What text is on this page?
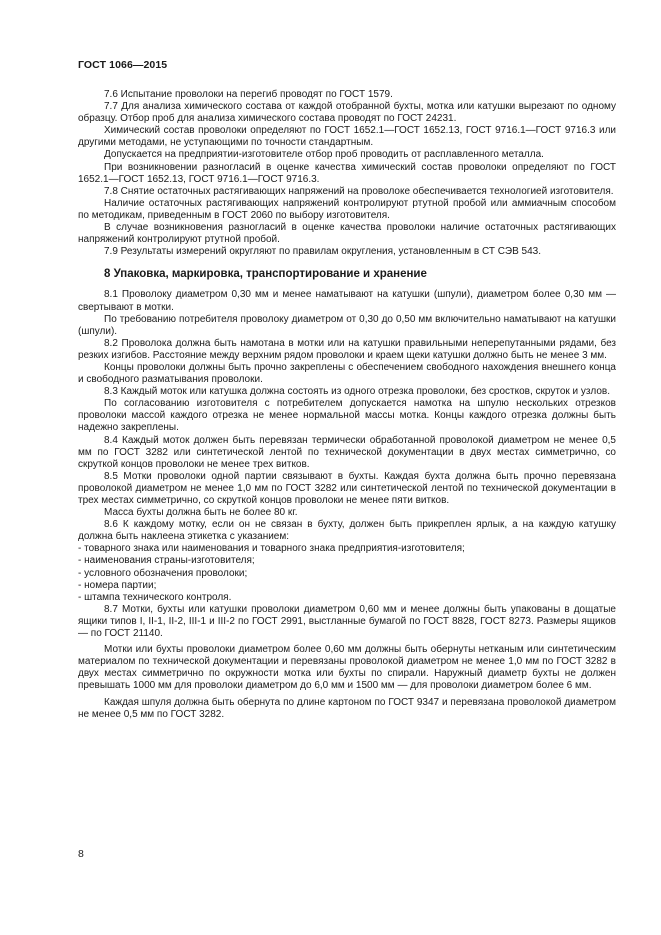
ГОСТ 1066—2015

7.6 Испытание проволоки на перегиб проводят по ГОСТ 1579.

7.7 Для анализа химического состава от каждой отобранной бухты, мотка или катушки вырезают по одному образцу. Отбор проб для анализа химического состава проводят по ГОСТ 24231.

Химический состав проволоки определяют по ГОСТ 1652.1—ГОСТ 1652.13, ГОСТ 9716.1—ГОСТ 9716.3 или другими методами, не уступающими по точности стандартным.

Допускается на предприятии-изготовителе отбор проб проводить от расплавленного металла.

При возникновении разногласий в оценке качества химический состав проволоки определяют по ГОСТ 1652.1—ГОСТ 1652.13, ГОСТ 9716.1—ГОСТ 9716.3.

7.8 Снятие остаточных растягивающих напряжений на проволоке обеспечивается технологией изготовителя.

Наличие остаточных растягивающих напряжений контролируют ртутной пробой или аммиачным способом по методикам, приведенным в ГОСТ 2060 по выбору изготовителя.

В случае возникновения разногласий в оценке качества проволоки наличие остаточных растягивающих напряжений контролируют ртутной пробой.

7.9 Результаты измерений округляют по правилам округления, установленным в СТ СЭВ 543.

8 Упаковка, маркировка, транспортирование и хранение

8.1 Проволоку диаметром 0,30 мм и менее наматывают на катушки (шпули), диаметром более 0,30 мм — свертывают в мотки.

По требованию потребителя проволоку диаметром от 0,30 до 0,50 мм включительно наматывают на катушки (шпули).

8.2 Проволока должна быть намотана в мотки или на катушки правильными неперепутанными рядами, без резких изгибов. Расстояние между верхним рядом проволоки и краем щеки катушки должно быть не менее 3 мм.

Концы проволоки должны быть прочно закреплены с обеспечением свободного нахождения внешнего конца и свободного разматывания проволоки.

8.3 Каждый моток или катушка должна состоять из одного отрезка проволоки, без сростков, скруток и узлов.

По согласованию изготовителя с потребителем допускается намотка на шпулю нескольких отрезков проволоки массой каждого отрезка не менее нормальной массы мотка. Концы каждого отрезка должны быть надежно закреплены.

8.4 Каждый моток должен быть перевязан термически обработанной проволокой диаметром не менее 0,5 мм по ГОСТ 3282 или синтетической лентой по технической документации в двух местах симметрично, со скруткой концов проволоки не менее трех витков.

8.5 Мотки проволоки одной партии связывают в бухты. Каждая бухта должна быть прочно перевязана проволокой диаметром не менее 1,0 мм по ГОСТ 3282 или синтетической лентой по технической документации в трех местах симметрично, со скруткой концов проволоки не менее пяти витков.

Масса бухты должна быть не более 80 кг.

8.6 К каждому мотку, если он не связан в бухту, должен быть прикреплен ярлык, а на каждую катушку должна быть наклеена этикетка с указанием:

- товарного знака или наименования и товарного знака предприятия-изготовителя;

- наименования страны-изготовителя;

- условного обозначения проволоки;

- номера партии;

- штампа технического контроля.

8.7 Мотки, бухты или катушки проволоки диаметром 0,60 мм и менее должны быть упакованы в дощатые ящики типов I, II-1, II-2, III-1 и III-2 по ГОСТ 2991, выстланные бумагой по ГОСТ 8828, ГОСТ 8273. Размеры ящиков — по ГОСТ 21140.

Мотки или бухты проволоки диаметром более 0,60 мм должны быть обернуты нетканым или синтетическим материалом по технической документации и перевязаны проволокой диаметром не менее 1,0 мм по ГОСТ 3282 в двух местах симметрично по окружности мотка или бухты по спирали. Наружный диаметр бухты не должен превышать 1000 мм для проволоки диаметром до 6,0 мм и 1500 мм — для проволоки диаметром более 6 мм.

Каждая шпуля должна быть обернута по длине картоном по ГОСТ 9347 и перевязана проволокой диаметром не менее 0,5 мм по ГОСТ 3282.

8
